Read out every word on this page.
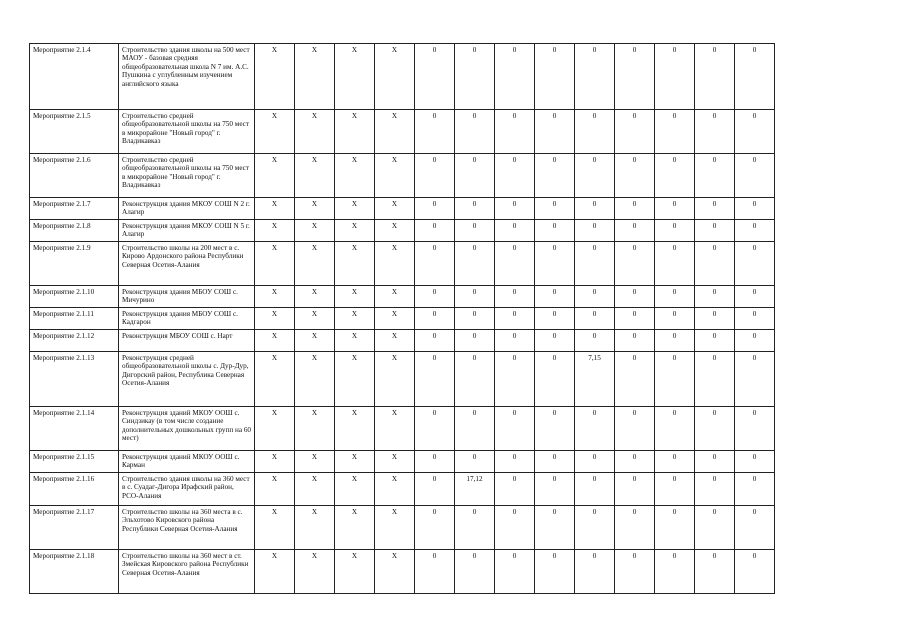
Мероприятие 2.1.4	Строительство здания школы на 500 мест МАОУ - базовая средняя общеобразовательная школа N 7 им. А.С. Пушкина с углубленным изучением английского языка	X	X	X	X	0	0	0	0	0	0	0	0	0
Мероприятие 2.1.5	Строительство средней общеобразовательной школы на 750 мест в микрорайоне "Новый город" г. Владикавказ	X	X	X	X	0	0	0	0	0	0	0	0	0
Мероприятие 2.1.6	Строительство средней общеобразовательной школы на 750 мест в микрорайоне "Новый город" г. Владикавказ	X	X	X	X	0	0	0	0	0	0	0	0	0
Мероприятие 2.1.7	Реконструкция здания МКОУ СОШ N 2 г. Алагир	X	X	X	X	0	0	0	0	0	0	0	0	0
Мероприятие 2.1.8	Реконструкция здания МКОУ СОШ N 5 г. Алагир	X	X	X	X	0	0	0	0	0	0	0	0	0
Мероприятие 2.1.9	Строительство школы на 200 мест в с. Кирово Ардонского района Республики Северная Осетия-Алания	X	X	X	X	0	0	0	0	0	0	0	0	0
Мероприятие 2.1.10	Реконструкция здания МБОУ СОШ с. Мичурино	X	X	X	X	0	0	0	0	0	0	0	0	0
Мероприятие 2.1.11	Реконструкция здания МБОУ СОШ с. Кадгарон	X	X	X	X	0	0	0	0	0	0	0	0	0
Мероприятие 2.1.12	Реконструкция МБОУ СОШ с. Нарт	X	X	X	X	0	0	0	0	0	0	0	0	0
Мероприятие 2.1.13	Реконструкция средней общеобразовательной школы с. Дур-Дур, Дигорский район, Республика Северная Осетия-Алания	X	X	X	X	0	0	0	0	7,15	0	0	0	0
Мероприятие 2.1.14	Реконструкция зданий МКОУ ООШ с. Синдзикау (в том числе создание дополнительных дошкольных групп на 60 мест)	X	X	X	X	0	0	0	0	0	0	0	0	0
Мероприятие 2.1.15	Реконструкция зданий МКОУ ООШ с. Карман	X	X	X	X	0	0	0	0	0	0	0	0	0
Мероприятие 2.1.16	Строительство здания школы на 360 мест в с. Суадаг-Дигора Ирафский район, РСО-Алания	X	X	X	X	0	17,12	0	0	0	0	0	0	0
Мероприятие 2.1.17	Строительство школы на 360 места в с. Эльхотово Кировского района Республики Северная Осетия-Алания	X	X	X	X	0	0	0	0	0	0	0	0	0
Мероприятие 2.1.18	Строительство школы на 360 мест в ст. Змейская Кировского района Республики Северная Осетия-Алания	X	X	X	X	0	0	0	0	0	0	0	0	0
